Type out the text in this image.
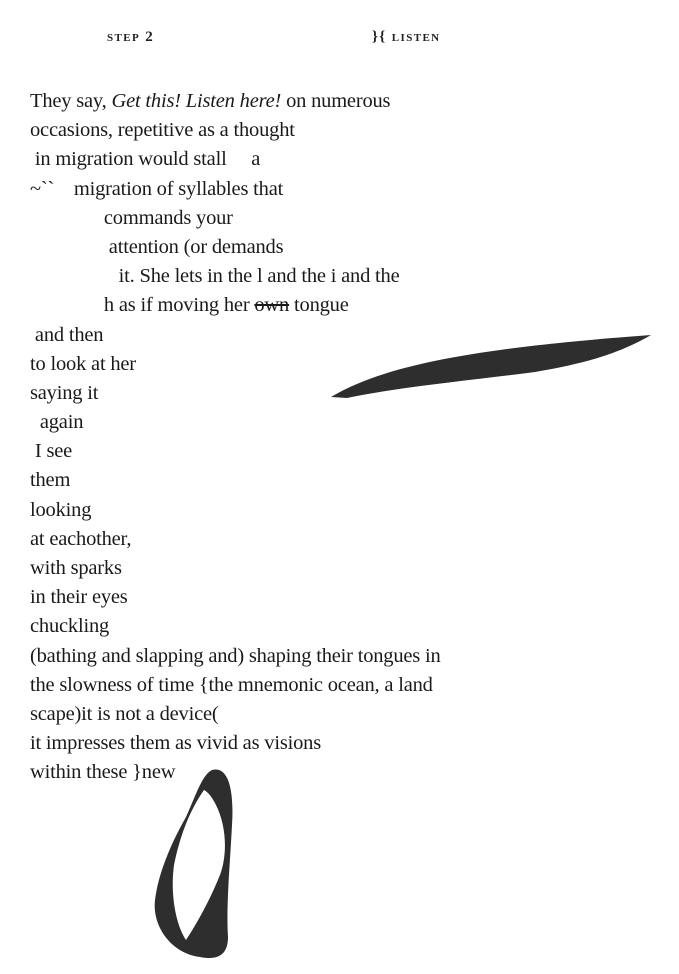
step 2	}{ listen
They say, Get this! Listen here! on numerous
occasions, repetitive as a thought
in migration would stall     a
~``    migration of syllables that
commands your
attention (or demands
it. She lets in the l and the i and the
h as if moving her own tongue
and then
to look at her
saying it
again
I see
them
looking
at eachother,
with sparks
in their eyes
chuckling
(bathing and slapping and) shaping their tongues in
the slowness of time {the mnemonic ocean, a land
scape)it is not a device(
it impresses them as vivid as visions
within these }new
